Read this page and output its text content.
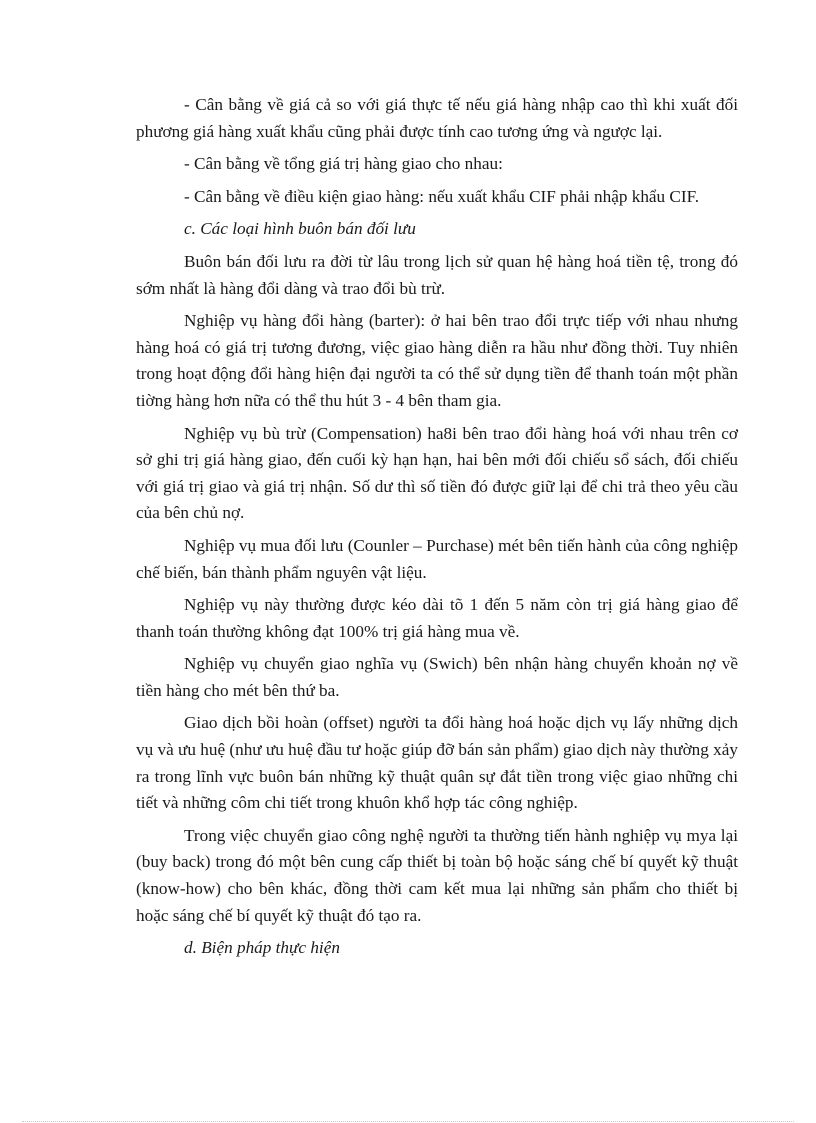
- Cân bằng về giá cả so với giá thực tế nếu giá hàng nhập cao thì khi xuất đối phương giá hàng xuất khẩu cũng phải được tính cao tương ứng và ngược lại.

- Cân bằng về tổng giá trị hàng giao cho nhau:

- Cân bằng về điều kiện giao hàng: nếu xuất khẩu CIF phải nhập khẩu CIF.

c. Các loại hình buôn bán đối lưu

Buôn bán đối lưu ra đời từ lâu trong lịch sử quan hệ hàng hoá tiền tệ, trong đó sớm nhất là hàng đổi dàng và trao đổi bù trừ.

Nghiệp vụ hàng đổi hàng (barter): ở hai bên trao đổi trực tiếp với nhau nhưng hàng hoá có giá trị tương đương, việc giao hàng diễn ra hầu như đồng thời. Tuy nhiên trong hoạt động đổi hàng hiện đại người ta có thể sử dụng tiền để thanh toán một phần tiờng hàng hơn nữa có thể thu hút 3 - 4 bên tham gia.

Nghiệp vụ bù trừ (Compensation) ha8i bên trao đổi hàng hoá với nhau trên cơ sở ghi trị giá hàng giao, đến cuối kỳ hạn hạn, hai bên mới đối chiếu sổ sách, đối chiếu với giá trị giao và giá trị nhận. Số dư thì số tiền đó được giữ lại để chi trả theo yêu cầu của bên chủ nợ.

Nghiệp vụ mua đối lưu (Counler – Purchase) mét bên tiến hành của công nghiệp chế biến, bán thành phẩm nguyên vật liệu.

Nghiệp vụ này thường được kéo dài tõ 1 đến 5 năm còn trị giá hàng giao để thanh toán thường không đạt 100% trị giá hàng mua về.

Nghiệp vụ chuyển giao nghĩa vụ (Swich) bên nhận hàng chuyển khoản nợ về tiền hàng cho mét bên thứ ba.

Giao dịch bồi hoàn (offset) người ta đổi hàng hoá hoặc dịch vụ lấy những dịch vụ và ưu huệ (như ưu huệ đầu tư hoặc giúp đỡ bán sản phẩm) giao dịch này thường xảy ra trong lĩnh vực buôn bán những kỹ thuật quân sự đắt tiền trong việc giao những chi tiết và những côm chi tiết trong khuôn khổ hợp tác công nghiệp.

Trong việc chuyển giao công nghệ người ta thường tiến hành nghiệp vụ mya lại (buy back) trong đó một bên cung cấp thiết bị toàn bộ hoặc sáng chế bí quyết kỹ thuật (know-how) cho bên khác, đồng thời cam kết mua lại những sản phẩm cho thiết bị hoặc sáng chế bí quyết kỹ thuật đó tạo ra.

d. Biện pháp thực hiện
